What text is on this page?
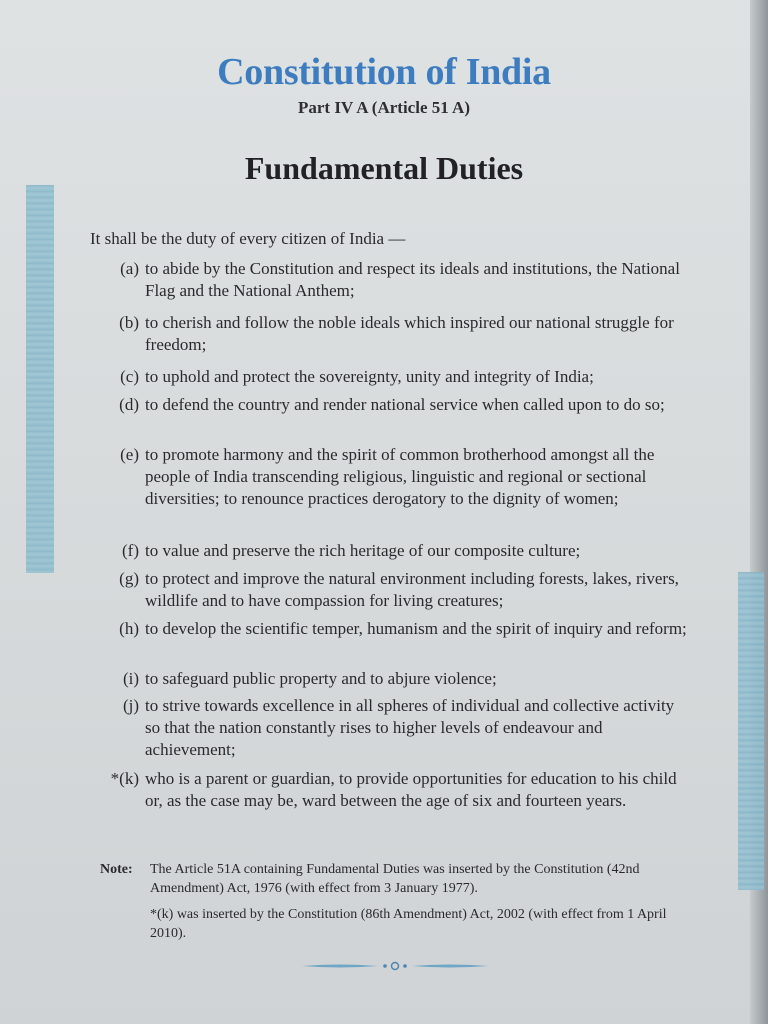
Constitution of India
Part IV A (Article 51 A)
Fundamental Duties
It shall be the duty of every citizen of India —
(a) to abide by the Constitution and respect its ideals and institutions, the National Flag and the National Anthem;
(b) to cherish and follow the noble ideals which inspired our national struggle for freedom;
(c) to uphold and protect the sovereignty, unity and integrity of India;
(d) to defend the country and render national service when called upon to do so;
(e) to promote harmony and the spirit of common brotherhood amongst all the people of India transcending religious, linguistic and regional or sectional diversities; to renounce practices derogatory to the dignity of women;
(f) to value and preserve the rich heritage of our composite culture;
(g) to protect and improve the natural environment including forests, lakes, rivers, wildlife and to have compassion for living creatures;
(h) to develop the scientific temper, humanism and the spirit of inquiry and reform;
(i) to safeguard public property and to abjure violence;
(j) to strive towards excellence in all spheres of individual and collective activity so that the nation constantly rises to higher levels of endeavour and achievement;
*(k) who is a parent or guardian, to provide opportunities for education to his child or, as the case may be, ward between the age of six and fourteen years.
Note: The Article 51A containing Fundamental Duties was inserted by the Constitution (42nd Amendment) Act, 1976 (with effect from 3 January 1977).
*(k) was inserted by the Constitution (86th Amendment) Act, 2002 (with effect from 1 April 2010).
